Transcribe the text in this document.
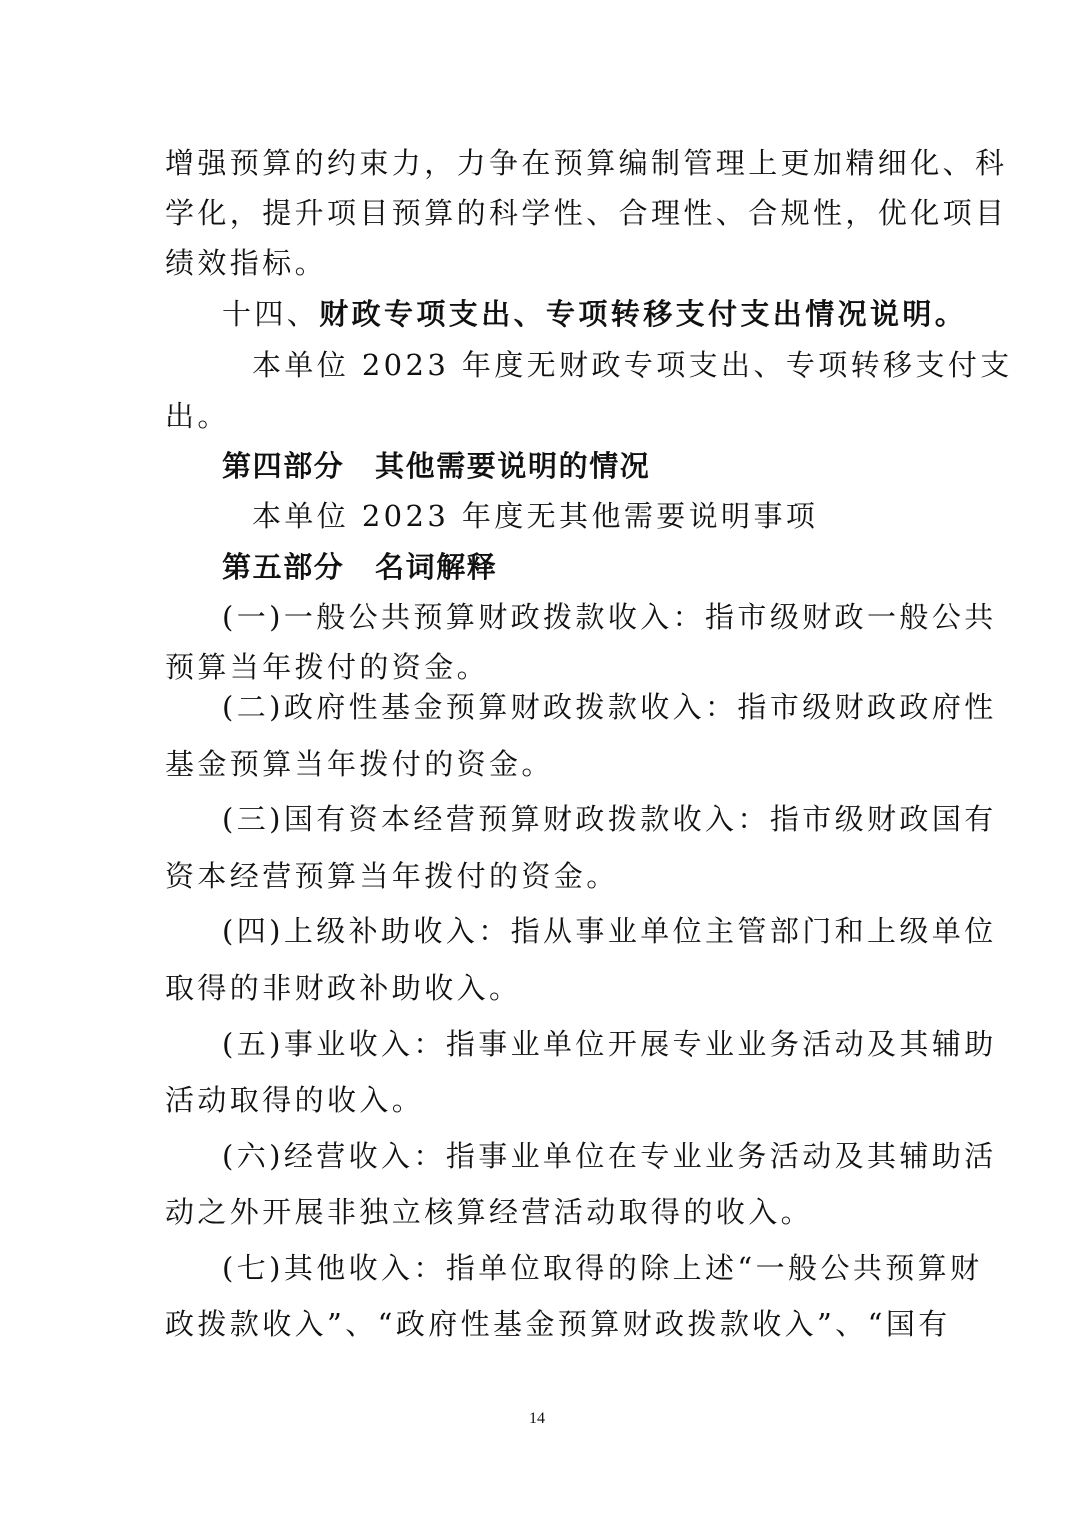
增强预算的约束力，力争在预算编制管理上更加精细化、科
学化，提升项目预算的科学性、合理性、合规性，优化项目
绩效指标。
十四、财政专项支出、专项转移支付支出情况说明。
本单位 2023 年度无财政专项支出、专项转移支付支
出。
第四部分　其他需要说明的情况
本单位 2023 年度无其他需要说明事项
第五部分　名词解释
(一)一般公共预算财政拨款收入：指市级财政一般公共
预算当年拨付的资金。
(二)政府性基金预算财政拨款收入：指市级财政政府性
基金预算当年拨付的资金。
(三)国有资本经营预算财政拨款收入：指市级财政国有
资本经营预算当年拨付的资金。
(四)上级补助收入：指从事业单位主管部门和上级单位
取得的非财政补助收入。
(五)事业收入：指事业单位开展专业业务活动及其辅助
活动取得的收入。
(六)经营收入：指事业单位在专业业务活动及其辅助活
动之外开展非独立核算经营活动取得的收入。
(七)其他收入：指单位取得的除上述“一般公共预算财
政拨款收入”、“政府性基金预算财政拨款收入”、“国有
14
